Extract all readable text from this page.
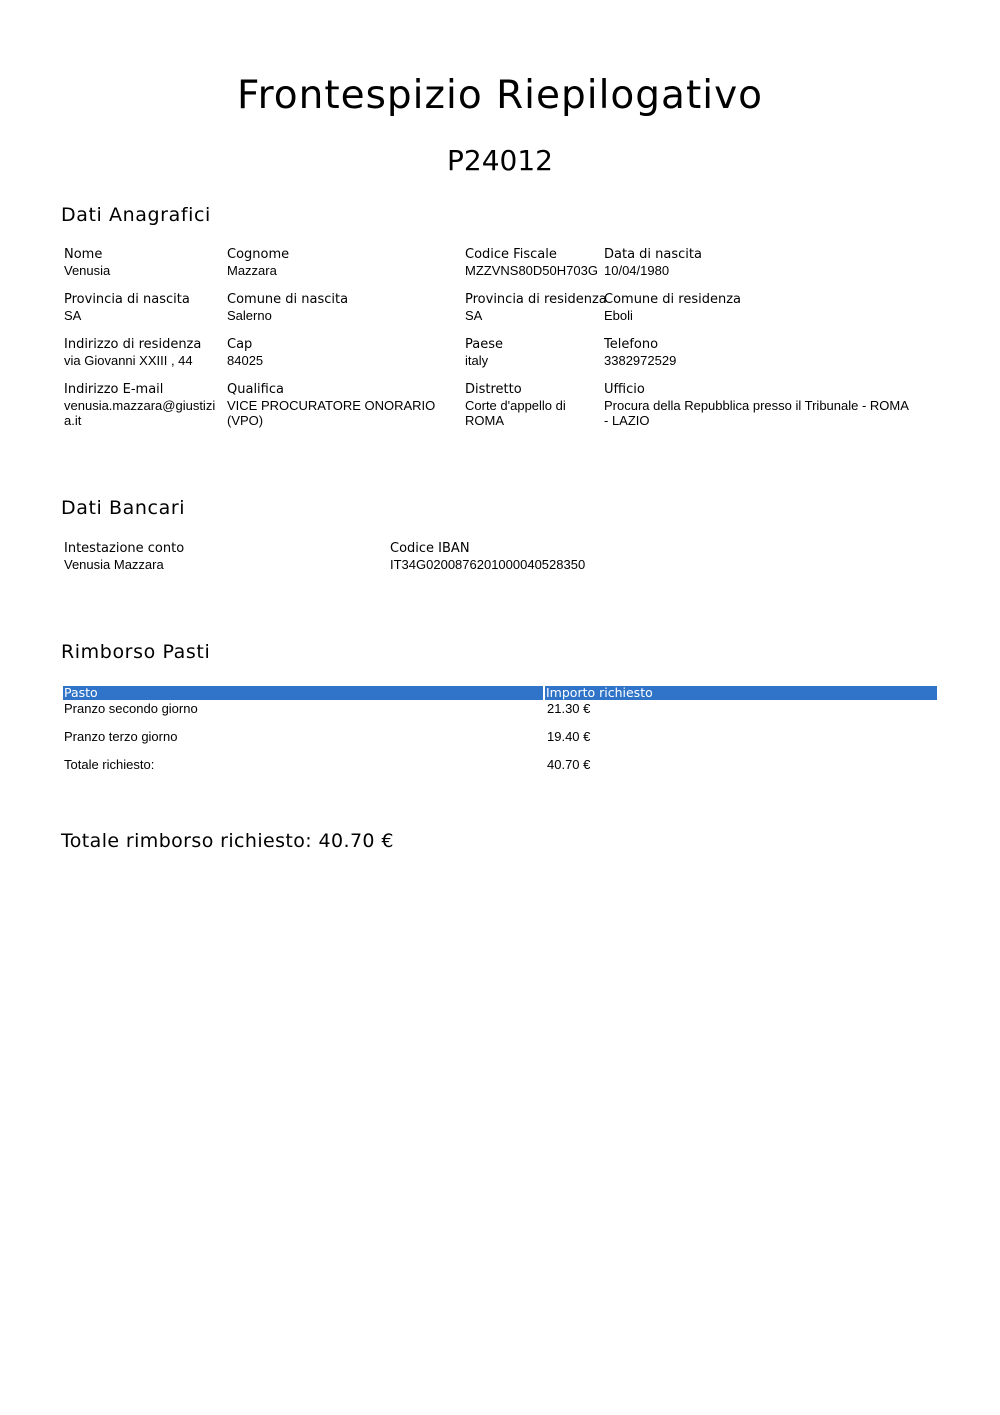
Frontespizio Riepilogativo
P24012
Dati Anagrafici
Nome
Venusia
Cognome
Mazzara
Codice Fiscale
MZZVNS80D50H703G
Data di nascita
10/04/1980
Provincia di nascita
SA
Comune di nascita
Salerno
Provincia di residenza
SA
Comune di residenza
Eboli
Indirizzo di residenza
via Giovanni XXIII , 44
Cap
84025
Paese
italy
Telefono
3382972529
Indirizzo E-mail
venusia.mazzara@giustizia.it
Qualifica
VICE PROCURATORE ONORARIO (VPO)
Distretto
Corte d'appello di ROMA
Ufficio
Procura della Repubblica presso il Tribunale - ROMA - LAZIO
Dati Bancari
Intestazione conto
Venusia Mazzara
Codice IBAN
IT34G0200876201000040528350
Rimborso Pasti
Pasto	Importo richiesto
Pranzo secondo giorno	21.30 €
Pranzo terzo giorno	19.40 €
Totale richiesto:	40.70 €
Totale rimborso richiesto: 40.70 €
